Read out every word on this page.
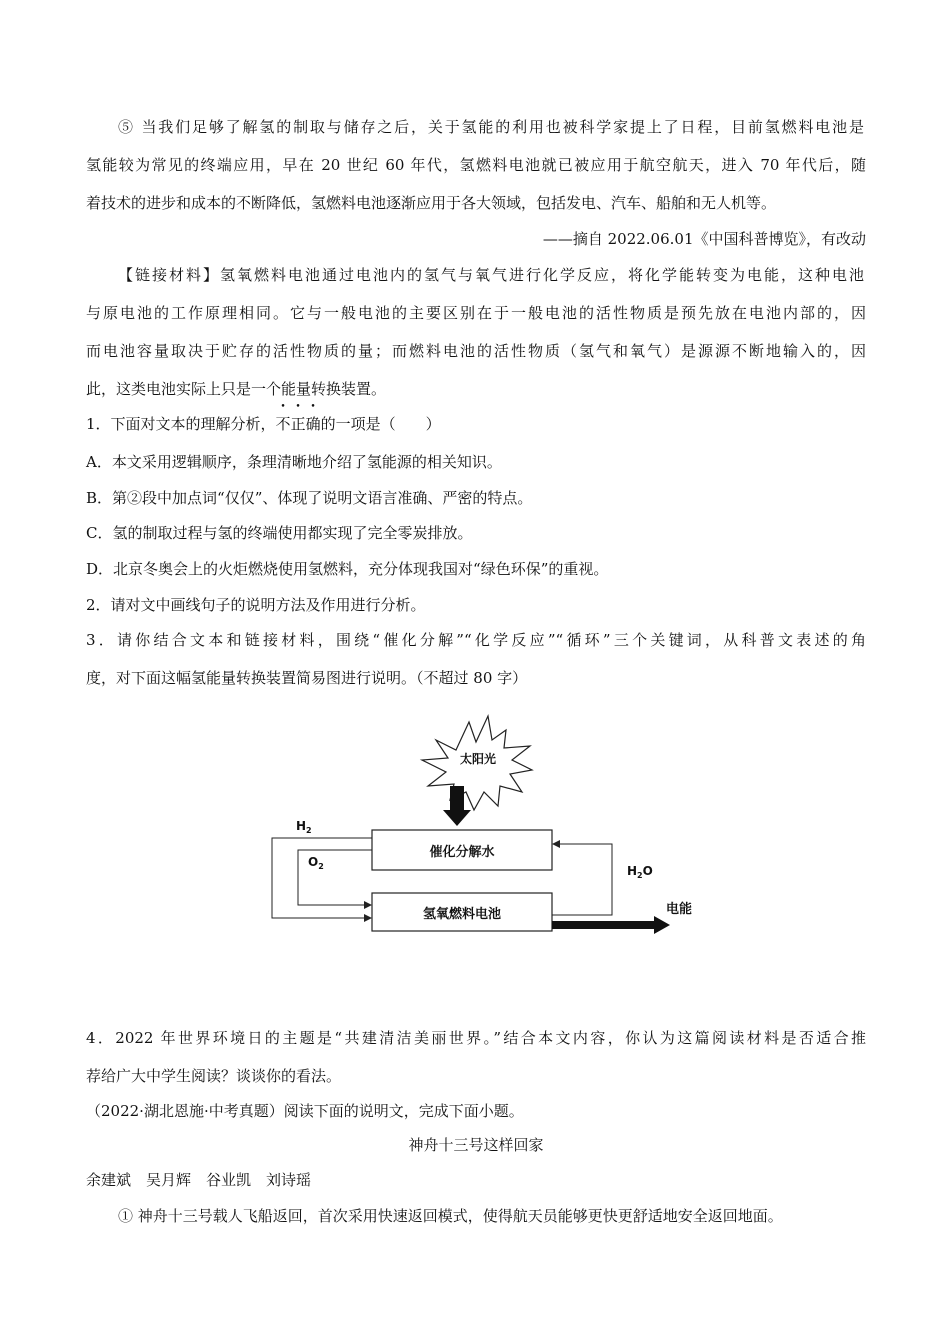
⑤ 当我们足够了解氢的制取与储存之后，关于氢能的利用也被科学家提上了日程，目前氢燃料电池是
氢能较为常见的终端应用，早在 20 世纪 60 年代，氢燃料电池就已被应用于航空航天，进入 70 年代后，随
着技术的进步和成本的不断降低，氢燃料电池逐渐应用于各大领域，包括发电、汽车、船舶和无人机等。
——摘自 2022.06.01《中国科普博览》，有改动
【链接材料】氢氧燃料电池通过电池内的氢气与氧气进行化学反应，将化学能转变为电能，这种电池
与原电池的工作原理相同。它与一般电池的主要区别在于一般电池的活性物质是预先放在电池内部的，因
而电池容量取决于贮存的活性物质的量；而燃料电池的活性物质（氢气和氧气）是源源不断地输入的，因
此，这类电池实际上只是一个能量转换装置。
1．下面对文本的理解分析，不正确的一项是（　　）
A．本文采用逻辑顺序，条理清晰地介绍了氢能源的相关知识。
B．第②段中加点词“仅仅”、体现了说明文语言准确、严密的特点。
C．氢的制取过程与氢的终端使用都实现了完全零炭排放。
D．北京冬奥会上的火炬燃烧使用氢燃料，充分体现我国对“绿色环保”的重视。
2．请对文中画线句子的说明方法及作用进行分析。
3．请你结合文本和链接材料，围绕“催化分解”“化学反应”“循环”三个关键词，从科普文表述的角
度，对下面这幅氢能量转换装置简易图进行说明。（不超过 80 字）
太阳光
催化分解水
氢氧燃料电池
$H_2$
$O_2$	$H_2O$
电能
4．2022 年世界环境日的主题是“共建清洁美丽世界。”结合本文内容，你认为这篇阅读材料是否适合推
荐给广大中学生阅读？谈谈你的看法。
（2022·湖北恩施·中考真题）阅读下面的说明文，完成下面小题。
神舟十三号这样回家
余建斌　吴月辉　谷业凯　刘诗瑶
① 神舟十三号载人飞船返回，首次采用快速返回模式，使得航天员能够更快更舒适地安全返回地面。
